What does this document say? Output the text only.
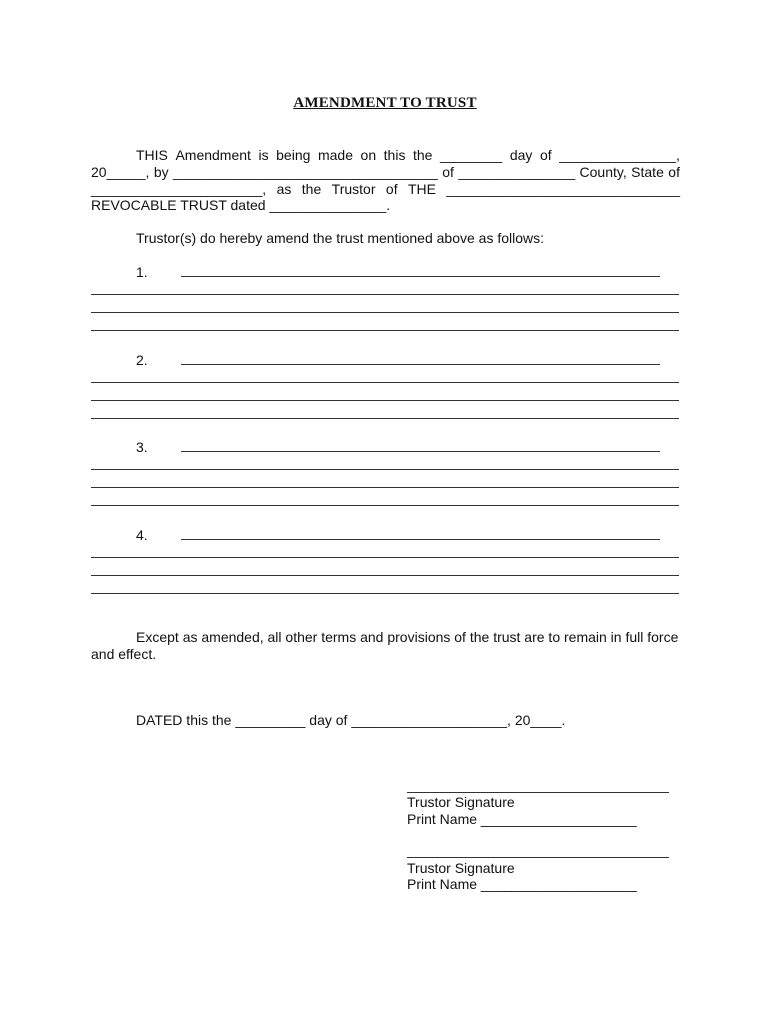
AMENDMENT TO TRUST
THIS Amendment is being made on this the ________ day of _______________,
20_____, by __________________________________ of _______________ County, State of
______________________, as the Trustor of THE ______________________________
REVOCABLE TRUST dated _______________.
Trustor(s) do hereby amend the trust mentioned above as follows:
1.
2.
3.
4.
Except as amended, all other terms and provisions of the trust are to remain in full force
and effect.
DATED this the _________ day of ____________________, 20____.
Trustor Signature
Print Name ____________________
Trustor Signature
Print Name ____________________
